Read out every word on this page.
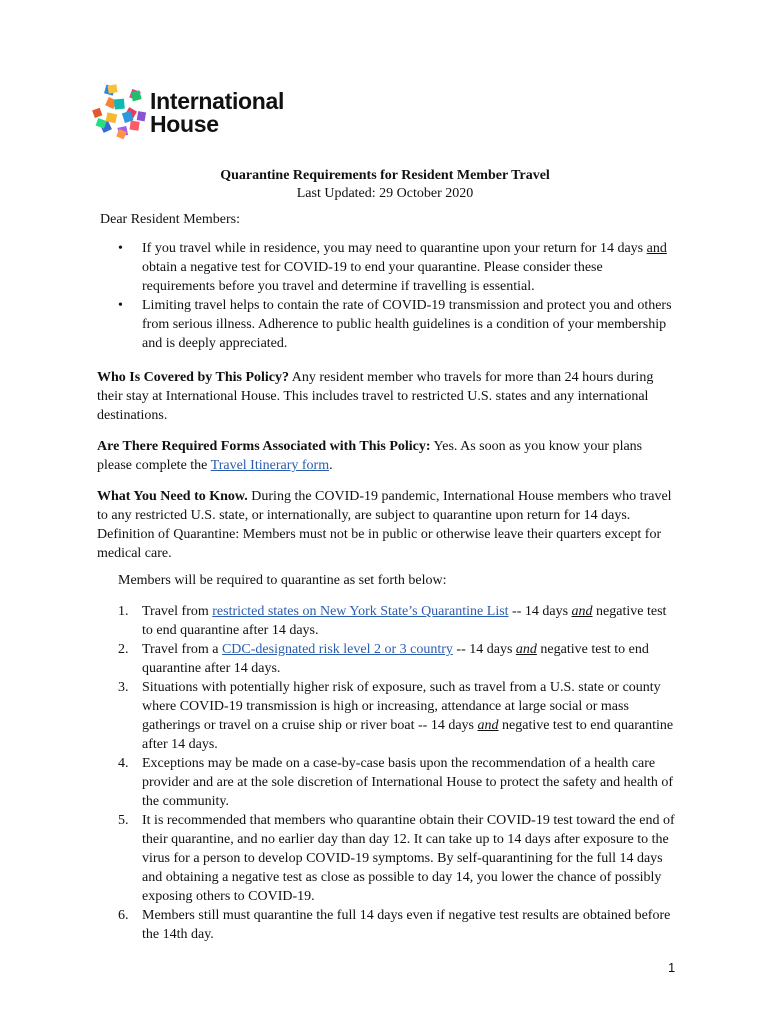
International
House
Quarantine Requirements for Resident Member Travel
Last Updated: 29 October 2020
Dear Resident Members:
• If you travel while in residence, you may need to quarantine upon your return for 14 days and obtain a negative test for COVID-19 to end your quarantine. Please consider these requirements before you travel and determine if travelling is essential.
• Limiting travel helps to contain the rate of COVID-19 transmission and protect you and others from serious illness. Adherence to public health guidelines is a condition of your membership and is deeply appreciated.

Who Is Covered by This Policy? Any resident member who travels for more than 24 hours during their stay at International House. This includes travel to restricted U.S. states and any international destinations.

Are There Required Forms Associated with This Policy: Yes. As soon as you know your plans please complete the Travel Itinerary form.

What You Need to Know. During the COVID-19 pandemic, International House members who travel to any restricted U.S. state, or internationally, are subject to quarantine upon return for 14 days. Definition of Quarantine: Members must not be in public or otherwise leave their quarters except for medical care.

Members will be required to quarantine as set forth below:
1. Travel from restricted states on New York State’s Quarantine List -- 14 days and negative test to end quarantine after 14 days.
2. Travel from a CDC-designated risk level 2 or 3 country -- 14 days and negative test to end quarantine after 14 days.
3. Situations with potentially higher risk of exposure, such as travel from a U.S. state or county where COVID-19 transmission is high or increasing, attendance at large social or mass gatherings or travel on a cruise ship or river boat -- 14 days and negative test to end quarantine after 14 days.
4. Exceptions may be made on a case-by-case basis upon the recommendation of a health care provider and are at the sole discretion of International House to protect the safety and health of the community.
5. It is recommended that members who quarantine obtain their COVID-19 test toward the end of their quarantine, and no earlier day than day 12. It can take up to 14 days after exposure to the virus for a person to develop COVID-19 symptoms. By self-quarantining for the full 14 days and obtaining a negative test as close as possible to day 14, you lower the chance of possibly exposing others to COVID-19.
6. Members still must quarantine the full 14 days even if negative test results are obtained before the 14th day.
1
